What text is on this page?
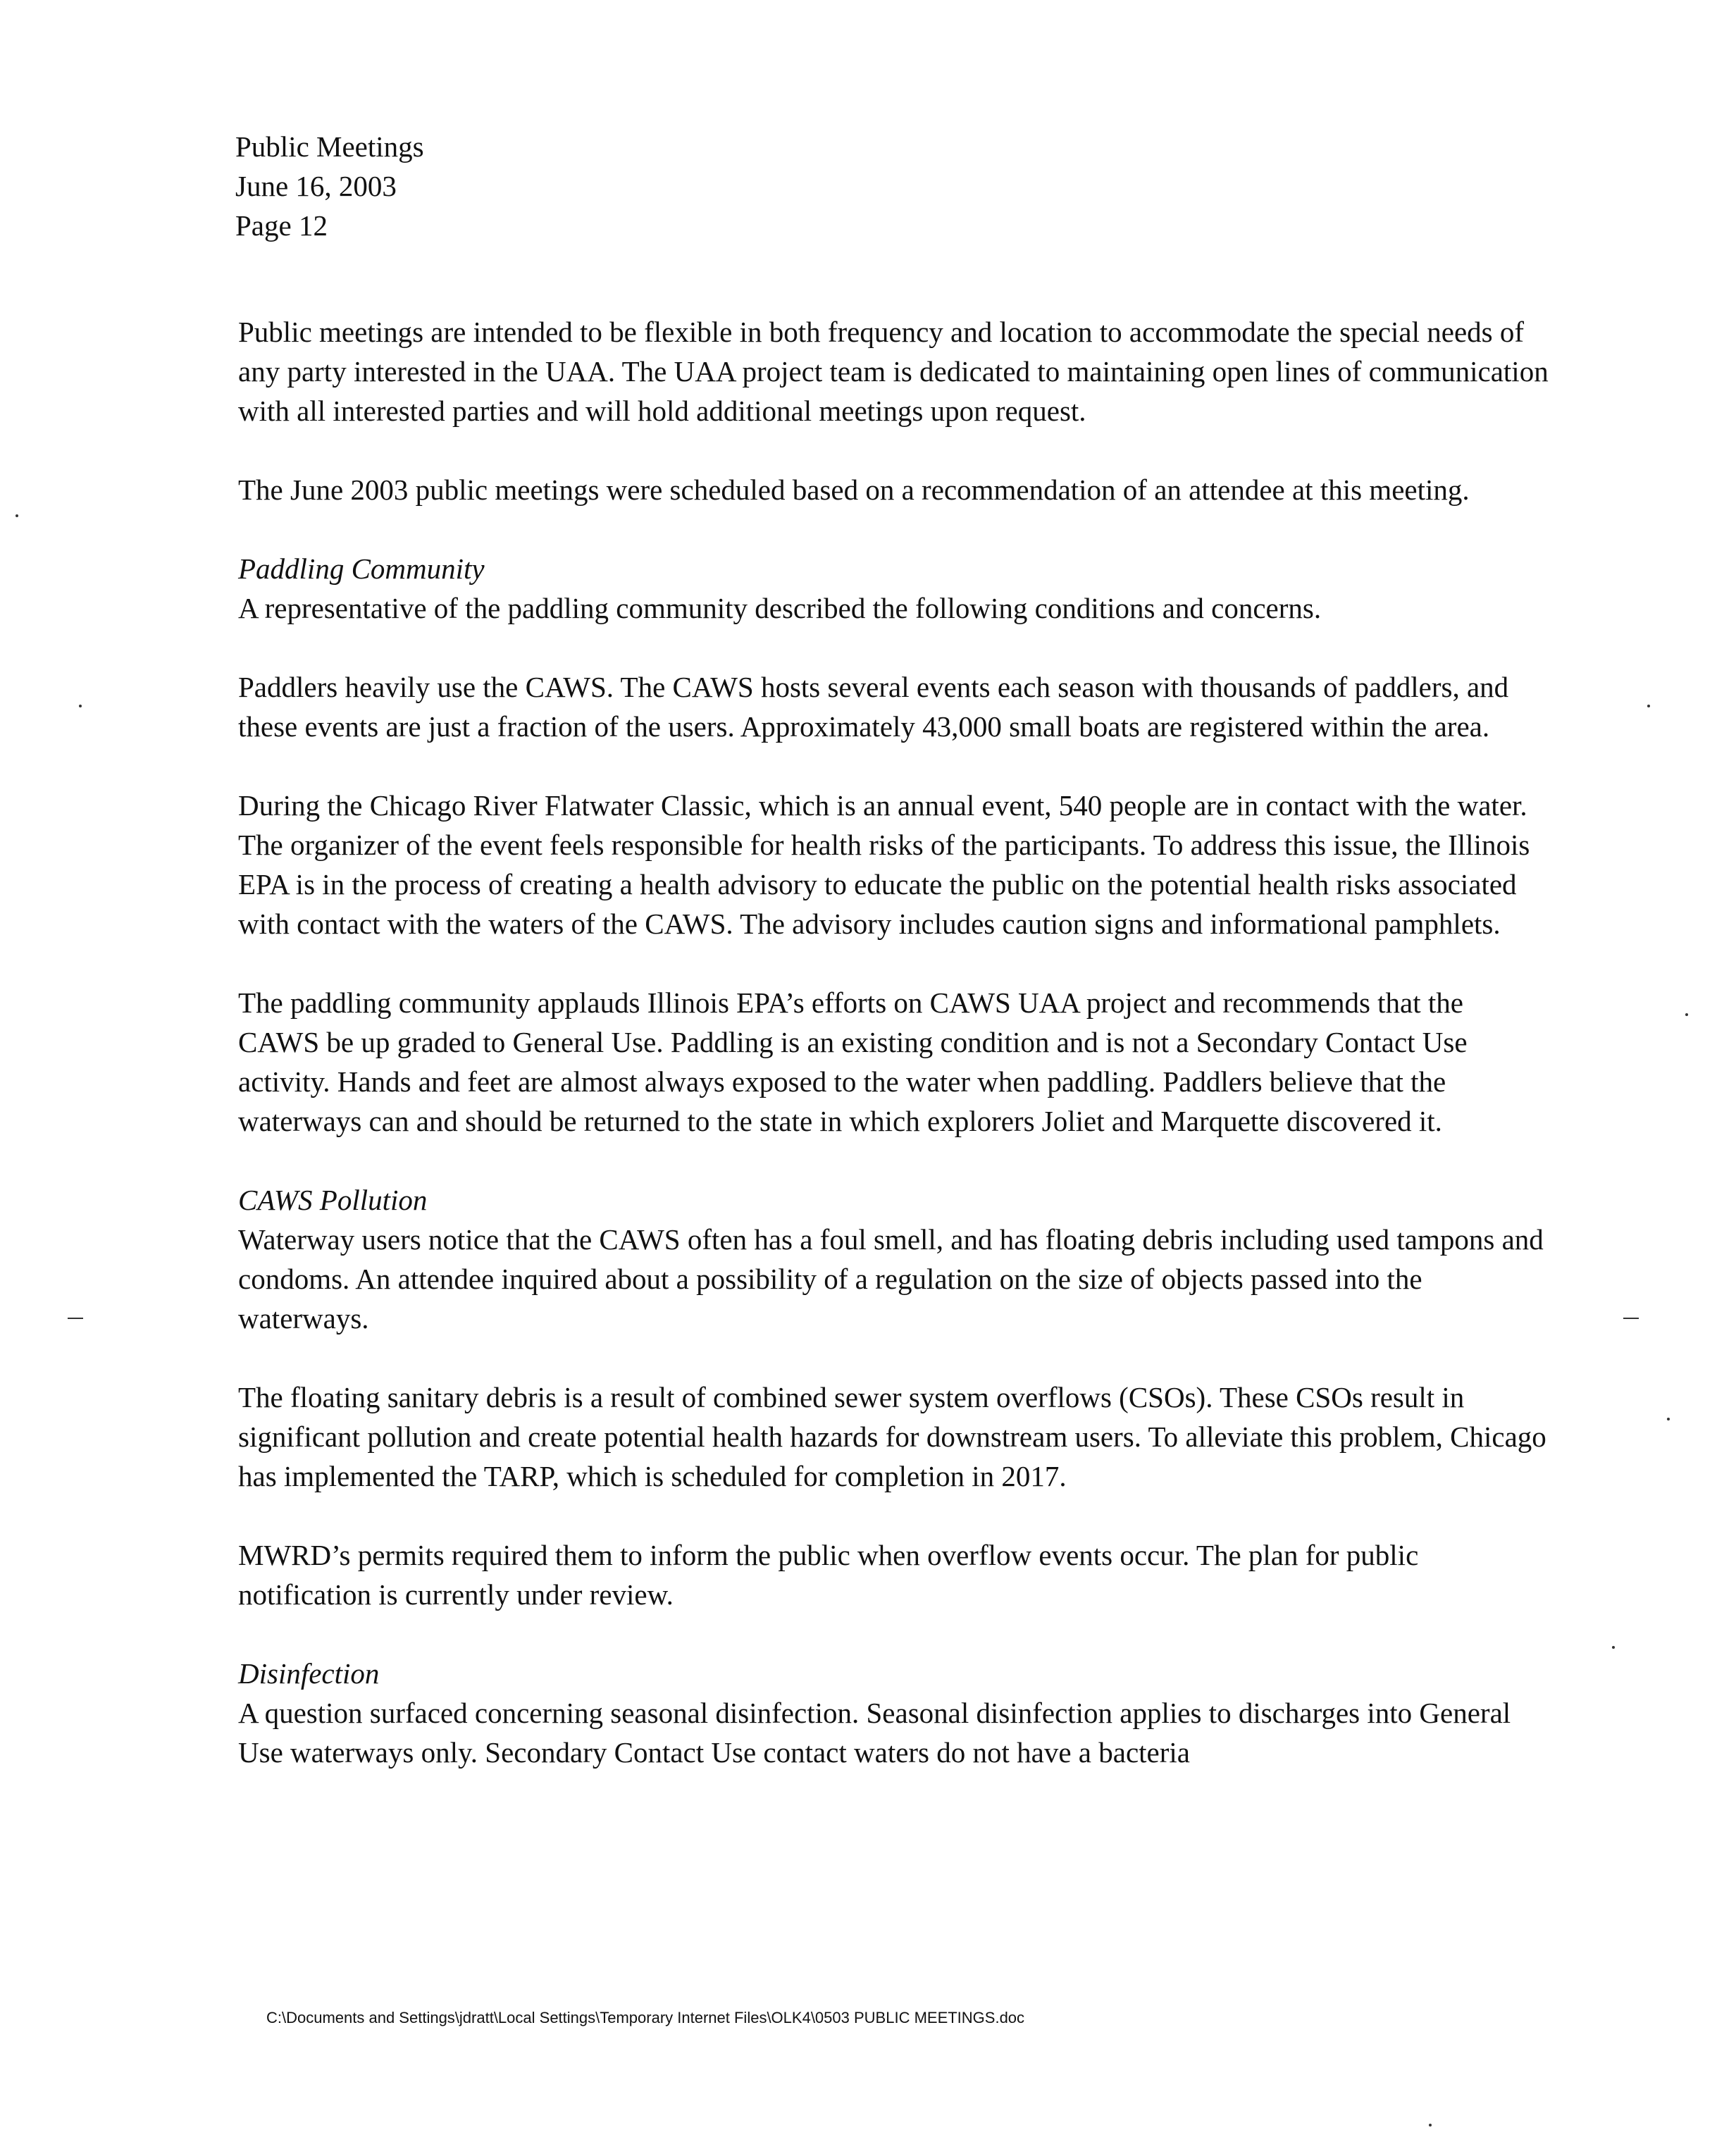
Public Meetings
June 16, 2003
Page 12

Public meetings are intended to be flexible in both frequency and location to accommodate the special needs of any party interested in the UAA. The UAA project team is dedicated to maintaining open lines of communication with all interested parties and will hold additional meetings upon request.

The June 2003 public meetings were scheduled based on a recommendation of an attendee at this meeting.

Paddling Community

A representative of the paddling community described the following conditions and concerns.

Paddlers heavily use the CAWS. The CAWS hosts several events each season with thousands of paddlers, and these events are just a fraction of the users. Approximately 43,000 small boats are registered within the area.

During the Chicago River Flatwater Classic, which is an annual event, 540 people are in contact with the water. The organizer of the event feels responsible for health risks of the participants. To address this issue, the Illinois EPA is in the process of creating a health advisory to educate the public on the potential health risks associated with contact with the waters of the CAWS. The advisory includes caution signs and informational pamphlets.

The paddling community applauds Illinois EPA’s efforts on CAWS UAA project and recommends that the CAWS be up graded to General Use. Paddling is an existing condition and is not a Secondary Contact Use activity. Hands and feet are almost always exposed to the water when paddling. Paddlers believe that the waterways can and should be returned to the state in which explorers Joliet and Marquette discovered it.

CAWS Pollution

Waterway users notice that the CAWS often has a foul smell, and has floating debris including used tampons and condoms. An attendee inquired about a possibility of a regulation on the size of objects passed into the waterways.

The floating sanitary debris is a result of combined sewer system overflows (CSOs). These CSOs result in significant pollution and create potential health hazards for downstream users. To alleviate this problem, Chicago has implemented the TARP, which is scheduled for completion in 2017.

MWRD’s permits required them to inform the public when overflow events occur. The plan for public notification is currently under review.

Disinfection

A question surfaced concerning seasonal disinfection. Seasonal disinfection applies to discharges into General Use waterways only. Secondary Contact Use contact waters do not have a bacteria

C:\Documents and Settings\jdratt\Local Settings\Temporary Internet Files\OLK4\0503 PUBLIC MEETINGS.doc
